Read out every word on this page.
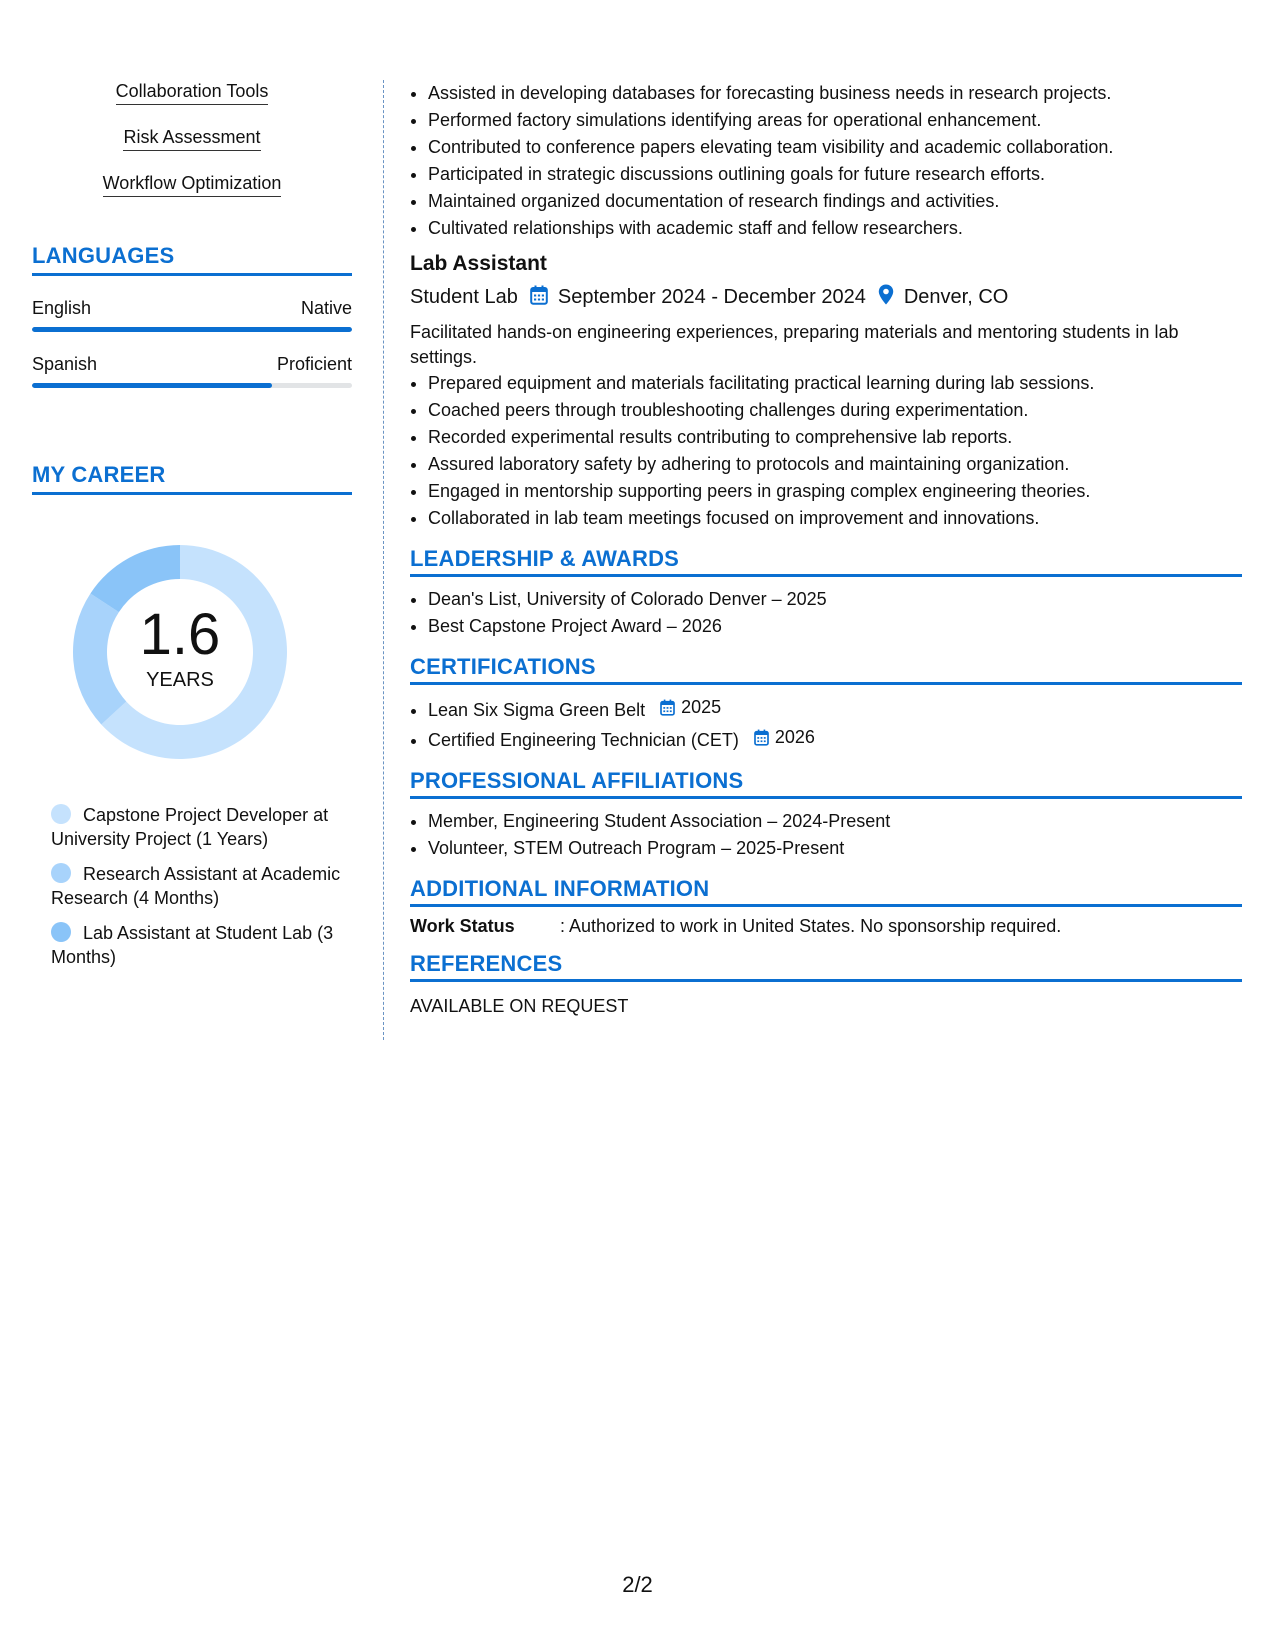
Collaboration Tools
Risk Assessment
Workflow Optimization
LANGUAGES
English	Native
Spanish	Proficient
MY CAREER
1.6
YEARS
Capstone Project Developer at University Project (1 Years)
Research Assistant at Academic Research (4 Months)
Lab Assistant at Student Lab (3 Months)
• Assisted in developing databases for forecasting business needs in research projects.
• Performed factory simulations identifying areas for operational enhancement.
• Contributed to conference papers elevating team visibility and academic collaboration.
• Participated in strategic discussions outlining goals for future research efforts.
• Maintained organized documentation of research findings and activities.
• Cultivated relationships with academic staff and fellow researchers.
Lab Assistant
Student Lab September 2024 - December 2024 Denver, CO
Facilitated hands-on engineering experiences, preparing materials and mentoring students in lab settings.
• Prepared equipment and materials facilitating practical learning during lab sessions.
• Coached peers through troubleshooting challenges during experimentation.
• Recorded experimental results contributing to comprehensive lab reports.
• Assured laboratory safety by adhering to protocols and maintaining organization.
• Engaged in mentorship supporting peers in grasping complex engineering theories.
• Collaborated in lab team meetings focused on improvement and innovations.
LEADERSHIP & AWARDS
• Dean's List, University of Colorado Denver – 2025
• Best Capstone Project Award – 2026
CERTIFICATIONS
• Lean Six Sigma Green Belt 2025
• Certified Engineering Technician (CET) 2026
PROFESSIONAL AFFILIATIONS
• Member, Engineering Student Association – 2024-Present
• Volunteer, STEM Outreach Program – 2025-Present
ADDITIONAL INFORMATION
Work Status	: Authorized to work in United States. No sponsorship required.
REFERENCES
AVAILABLE ON REQUEST
2/2
